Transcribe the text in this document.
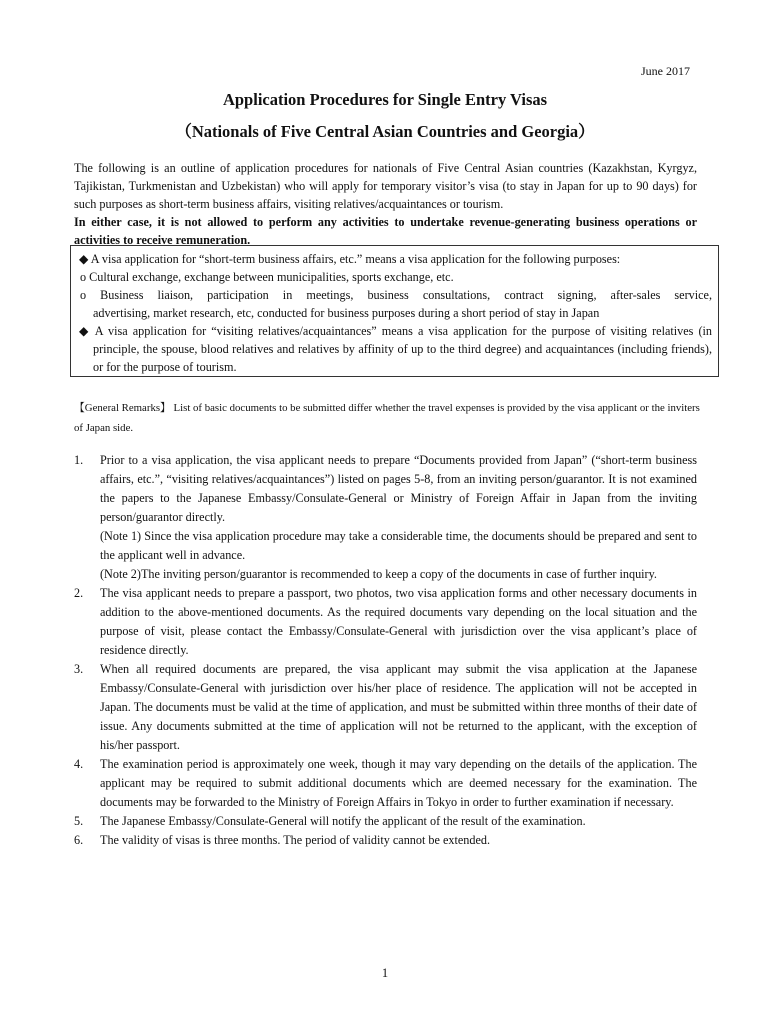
June 2017
Application Procedures for Single Entry Visas
（Nationals of Five Central Asian Countries and Georgia）

The following is an outline of application procedures for nationals of Five Central Asian countries (Kazakhstan, Kyrgyz, Tajikistan, Turkmenistan and Uzbekistan) who will apply for temporary visitor’s visa (to stay in Japan for up to 90 days) for such purposes as short-term business affairs, visiting relatives/acquaintances or tourism.

In either case, it is not allowed to perform any activities to undertake revenue-generating business operations or activities to receive remuneration.

◆ A visa application for “short-term business affairs, etc.” means a visa application for the following purposes:
o Cultural exchange, exchange between municipalities, sports exchange, etc.
o Business liaison, participation in meetings, business consultations, contract signing, after-sales service,
advertising, market research, etc, conducted for business purposes during a short period of stay in Japan
◆ A visa application for “visiting relatives/acquaintances” means a visa application for the purpose of visiting relatives (in principle, the spouse, blood relatives and relatives by affinity of up to the third degree) and acquaintances (including friends), or for the purpose of tourism.
【General Remarks】 List of basic documents to be submitted differ whether the travel expenses is provided by the visa applicant or the inviters of Japan side.
1. Prior to a visa application, the visa applicant needs to prepare “Documents provided from Japan” (“short-term business affairs, etc.”, “visiting relatives/acquaintances”) listed on pages 5-8, from an inviting person/guarantor. It is not examined the papers to the Japanese Embassy/Consulate-General or Ministry of Foreign Affair in Japan from the inviting person/guarantor directly.
(Note 1) Since the visa application procedure may take a considerable time, the documents should be prepared and sent to the applicant well in advance.
(Note 2)The inviting person/guarantor is recommended to keep a copy of the documents in case of further inquiry.
2. The visa applicant needs to prepare a passport, two photos, two visa application forms and other necessary documents in addition to the above-mentioned documents. As the required documents vary depending on the local situation and the purpose of visit, please contact the Embassy/Consulate-General with jurisdiction over the visa applicant’s place of residence directly.
3. When all required documents are prepared, the visa applicant may submit the visa application at the Japanese Embassy/Consulate-General with jurisdiction over his/her place of residence. The application will not be accepted in Japan. The documents must be valid at the time of application, and must be submitted within three months of their date of issue. Any documents submitted at the time of application will not be returned to the applicant, with the exception of his/her passport.
4. The examination period is approximately one week, though it may vary depending on the details of the application. The applicant may be required to submit additional documents which are deemed necessary for the examination. The documents may be forwarded to the Ministry of Foreign Affairs in Tokyo in order to further examination if necessary.
5. The Japanese Embassy/Consulate-General will notify the applicant of the result of the examination.
6. The validity of visas is three months. The period of validity cannot be extended.
1
